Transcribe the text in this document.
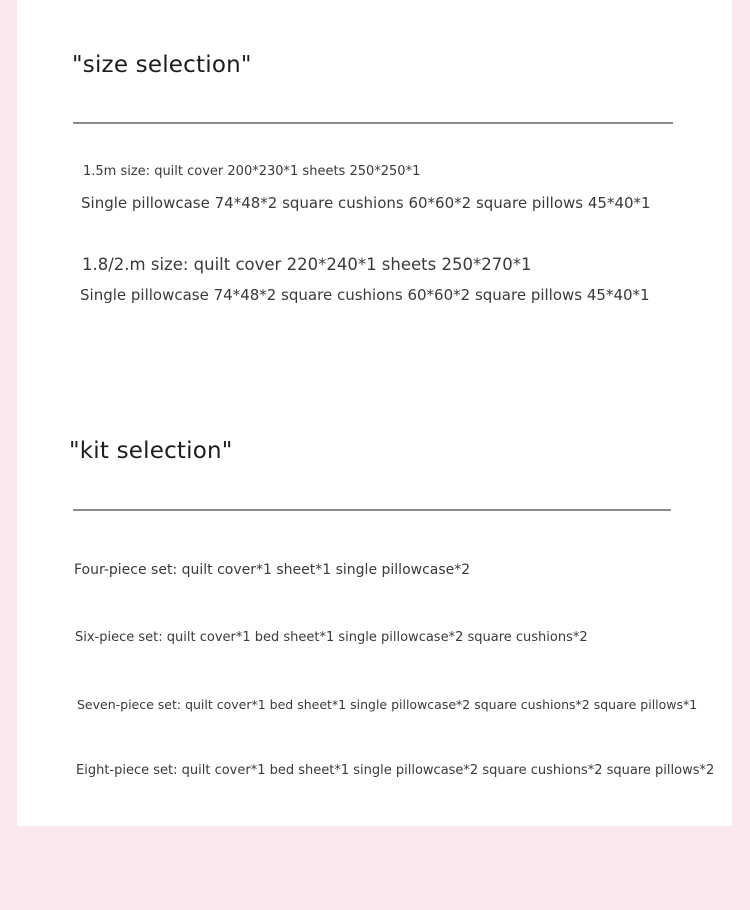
"size selection"

1.5m size: quilt cover 200*230*1 sheets 250*250*1

Single pillowcase 74*48*2 square cushions 60*60*2 square pillows 45*40*1

1.8/2.m size: quilt cover 220*240*1 sheets 250*270*1

Single pillowcase 74*48*2 square cushions 60*60*2 square pillows 45*40*1

"kit selection"

Four-piece set: quilt cover*1 sheet*1 single pillowcase*2

Six-piece set: quilt cover*1 bed sheet*1 single pillowcase*2 square cushions*2

Seven-piece set: quilt cover*1 bed sheet*1 single pillowcase*2 square cushions*2 square pillows*1

Eight-piece set: quilt cover*1 bed sheet*1 single pillowcase*2 square cushions*2 square pillows*2
